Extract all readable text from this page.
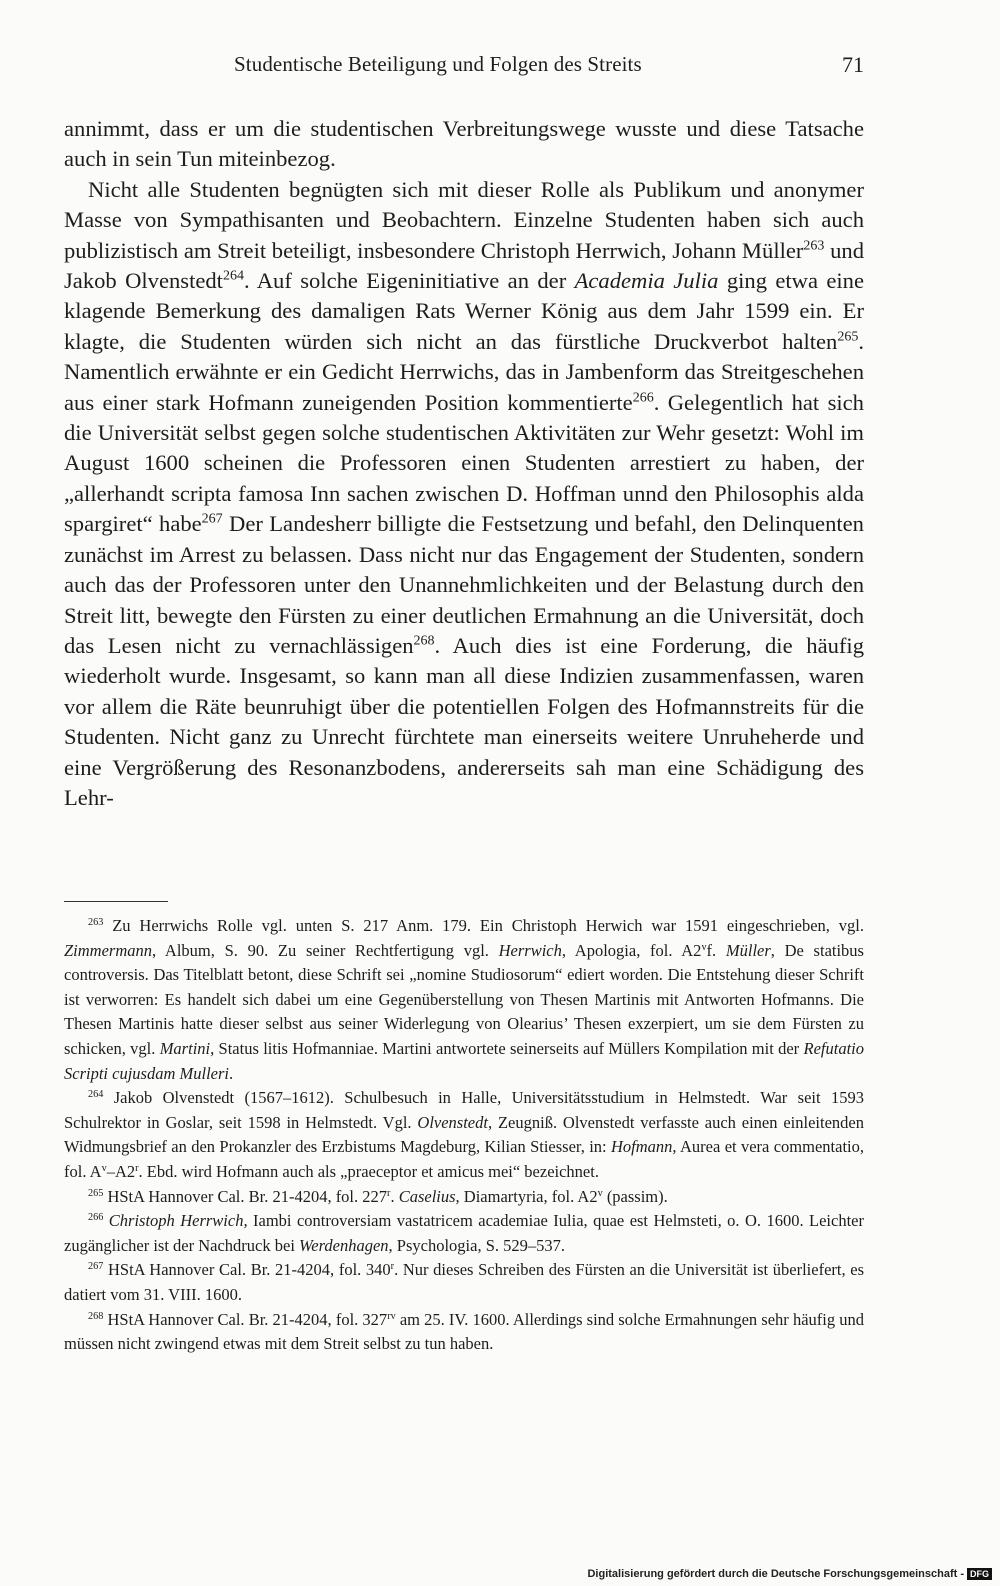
Studentische Beteiligung und Folgen des Streits	71

annimmt, dass er um die studentischen Verbreitungswege wusste und diese Tatsache auch in sein Tun miteinbezog.

Nicht alle Studenten begnügten sich mit dieser Rolle als Publikum und anonymer Masse von Sympathisanten und Beobachtern. Einzelne Studenten haben sich auch publizistisch am Streit beteiligt, insbesondere Christoph Herrwich, Johann Müller$^{263}$ und Jakob Olvenstedt$^{264}$. Auf solche Eigeninitiative an der Academia Julia ging etwa eine klagende Bemerkung des damaligen Rats Werner König aus dem Jahr 1599 ein. Er klagte, die Studenten würden sich nicht an das fürstliche Druckverbot halten$^{265}$. Namentlich erwähnte er ein Gedicht Herrwichs, das in Jambenform das Streitgeschehen aus einer stark Hofmann zuneigenden Position kommentierte$^{266}$. Gelegentlich hat sich die Universität selbst gegen solche studentischen Aktivitäten zur Wehr gesetzt: Wohl im August 1600 scheinen die Professoren einen Studenten arrestiert zu haben, der „allerhandt scripta famosa Inn sachen zwischen D. Hoffman unnd den Philosophis alda spargiret“ habe$^{267}$ Der Landesherr billigte die Festsetzung und befahl, den Delinquenten zunächst im Arrest zu belassen. Dass nicht nur das Engagement der Studenten, sondern auch das der Professoren unter den Unannehmlichkeiten und der Belastung durch den Streit litt, bewegte den Fürsten zu einer deutlichen Ermahnung an die Universität, doch das Lesen nicht zu vernachlässigen$^{268}$. Auch dies ist eine Forderung, die häufig wiederholt wurde. Insgesamt, so kann man all diese Indizien zusammenfassen, waren vor allem die Räte beunruhigt über die potentiellen Folgen des Hofmannstreits für die Studenten. Nicht ganz zu Unrecht fürchtete man einerseits weitere Unruheherde und eine Vergrößerung des Resonanzbodens, andererseits sah man eine Schädigung des Lehr-

$^{263}$ Zu Herrwichs Rolle vgl. unten S. 217 Anm. 179. Ein Christoph Herwich war 1591 eingeschrieben, vgl. Zimmermann, Album, S. 90. Zu seiner Rechtfertigung vgl. Herrwich, Apologia, fol. A2$^v$f. Müller, De statibus controversis. Das Titelblatt betont, diese Schrift sei „nomine Studiosorum“ ediert worden. Die Entstehung dieser Schrift ist verworren: Es handelt sich dabei um eine Gegenüberstellung von Thesen Martinis mit Antworten Hofmanns. Die Thesen Martinis hatte dieser selbst aus seiner Widerlegung von Olearius’ Thesen exzerpiert, um sie dem Fürsten zu schicken, vgl. Martini, Status litis Hofmanniae. Martini antwortete seinerseits auf Müllers Kompilation mit der Refutatio Scripti cujusdam Mulleri.

$^{264}$ Jakob Olvenstedt (1567–1612). Schulbesuch in Halle, Universitätsstudium in Helmstedt. War seit 1593 Schulrektor in Goslar, seit 1598 in Helmstedt. Vgl. Olvenstedt, Zeugniß. Olvenstedt verfasste auch einen einleitenden Widmungsbrief an den Prokanzler des Erzbistums Magdeburg, Kilian Stiesser, in: Hofmann, Aurea et vera commentatio, fol. $A^v-A2^r$. Ebd. wird Hofmann auch als „praeceptor et amicus mei“ bezeichnet.

$^{265}$ HStA Hannover Cal. Br. 21-4204, fol. 227$^r$. Caselius, Diamartyria, fol. A2$^v$ (passim).

$^{266}$ Christoph Herrwich, Iambi controversiam vastatricem academiae Iulia, quae est Helmsteti, o. O. 1600. Leichter zugänglicher ist der Nachdruck bei Werdenhagen, Psychologia, S. 529–537.

$^{267}$ HStA Hannover Cal. Br. 21-4204, fol. 340$^r$. Nur dieses Schreiben des Fürsten an die Universität ist überliefert, es datiert vom 31. VIII. 1600.

$^{268}$ HStA Hannover Cal. Br. 21-4204, fol. $327^{rv}$ am 25. IV. 1600. Allerdings sind solche Ermahnungen sehr häufig und müssen nicht zwingend etwas mit dem Streit selbst zu tun haben.

Digitalisierung gefördert durch die Deutsche Forschungsgemeinschaft - DFG
